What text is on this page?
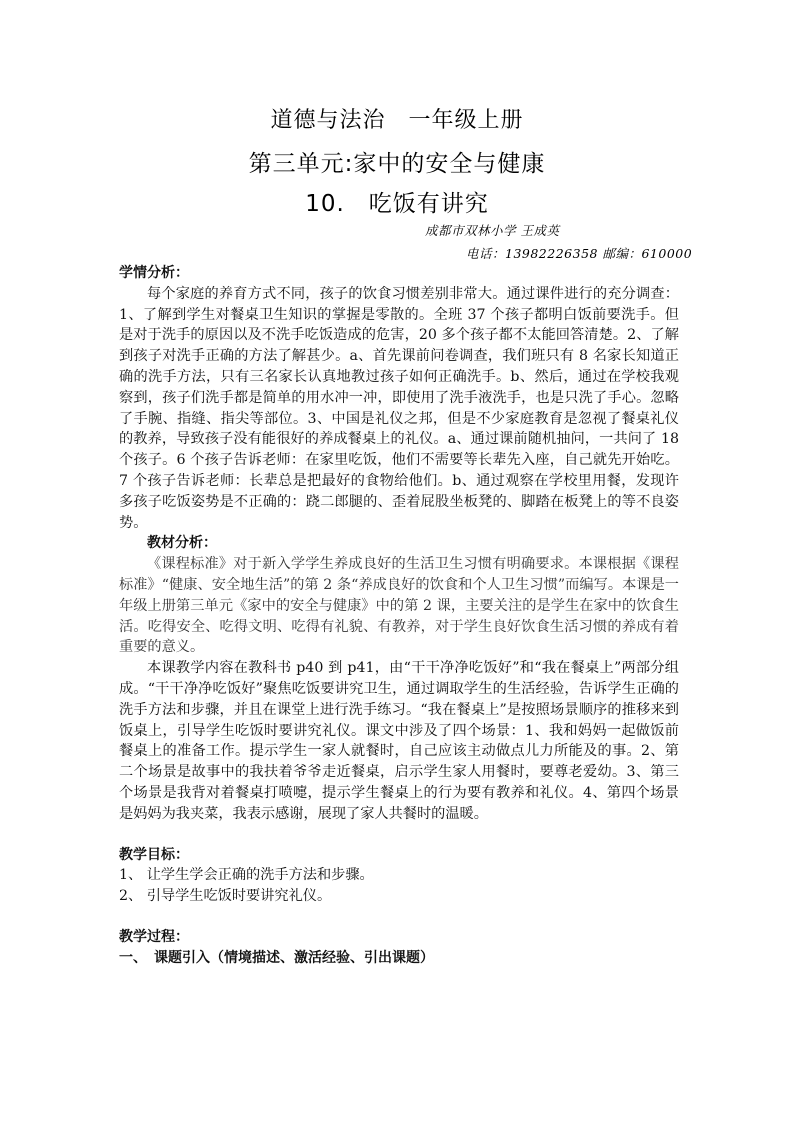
道德与法治　一年级上册
第三单元:家中的安全与健康
10.　吃饭有讲究
成都市双林小学 王成英
电话：13982226358 邮编：610000
学情分析：

每个家庭的养育方式不同，孩子的饮食习惯差别非常大。通过课件进行的充分调查：1、了解到学生对餐桌卫生知识的掌握是零散的。全班 37 个孩子都明白饭前要洗手。但是对于洗手的原因以及不洗手吃饭造成的危害，20 多个孩子都不太能回答清楚。2、了解到孩子对洗手正确的方法了解甚少。a、首先课前问卷调查，我们班只有 8 名家长知道正确的洗手方法，只有三名家长认真地教过孩子如何正确洗手。b、然后，通过在学校我观察到，孩子们洗手都是简单的用水冲一冲，即使用了洗手液洗手，也是只洗了手心。忽略了手腕、指缝、指尖等部位。3、中国是礼仪之邦，但是不少家庭教育是忽视了餐桌礼仪的教养，导致孩子没有能很好的养成餐桌上的礼仪。a、通过课前随机抽问，一共问了 18 个孩子。6 个孩子告诉老师：在家里吃饭，他们不需要等长辈先入座，自己就先开始吃。7 个孩子告诉老师：长辈总是把最好的食物给他们。b、通过观察在学校里用餐，发现许多孩子吃饭姿势是不正确的：跷二郎腿的、歪着屁股坐板凳的、脚踏在板凳上的等不良姿势。

教材分析：

《课程标准》对于新入学学生养成良好的生活卫生习惯有明确要求。本课根据《课程标准》“健康、安全地生活”的第 2 条“养成良好的饮食和个人卫生习惯”而编写。本课是一年级上册第三单元《家中的安全与健康》中的第 2 课，主要关注的是学生在家中的饮食生活。吃得安全、吃得文明、吃得有礼貌、有教养，对于学生良好饮食生活习惯的养成有着重要的意义。

本课教学内容在教科书 p40 到 p41，由“干干净净吃饭好”和“我在餐桌上”两部分组成。“干干净净吃饭好”聚焦吃饭要讲究卫生，通过调取学生的生活经验，告诉学生正确的洗手方法和步骤，并且在课堂上进行洗手练习。“我在餐桌上”是按照场景顺序的推移来到饭桌上，引导学生吃饭时要讲究礼仪。课文中涉及了四个场景：1、我和妈妈一起做饭前餐桌上的准备工作。提示学生一家人就餐时，自己应该主动做点儿力所能及的事。2、第二个场景是故事中的我扶着爷爷走近餐桌，启示学生家人用餐时，要尊老爱幼。3、第三个场景是我背对着餐桌打喷嚏，提示学生餐桌上的行为要有教养和礼仪。4、第四个场景是妈妈为我夹菜，我表示感谢，展现了家人共餐时的温暖。

教学目标：

1、 让学生学会正确的洗手方法和步骤。

2、 引导学生吃饭时要讲究礼仪。

教学过程：
一、　课题引入（情境描述、激活经验、引出课题）
